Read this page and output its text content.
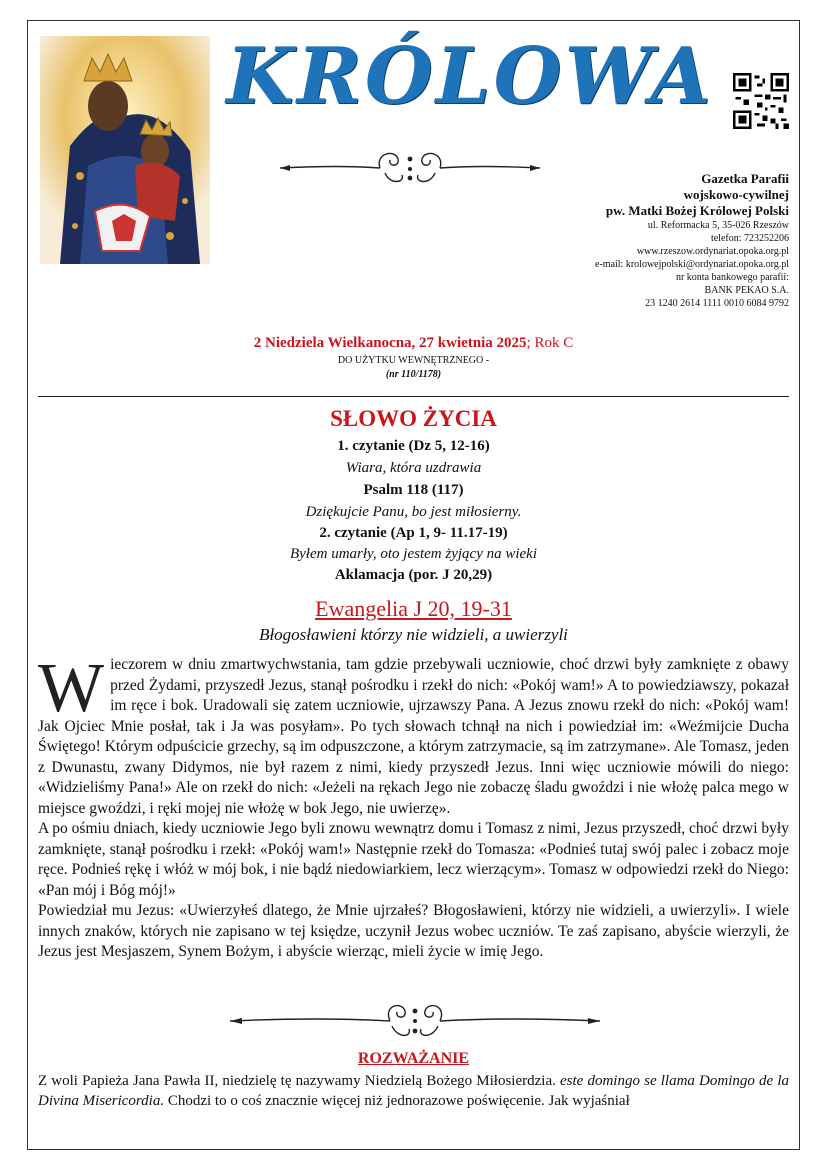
KRÓLOWA
Gazetka Parafii
wojskowo-cywilnej
pw. Matki Bożej Królowej Polski
ul. Reformacka 5, 35-026 Rzeszów
telefon: 723252206
www.rzeszow.ordynariat.opoka.org.pl
e-mail: krolowejpolski@ordynariat.opoka.org.pl
nr konta bankowego parafii:
BANK PEKAO S.A.
23 1240 2614 1111 0010 6084 9792
2 Niedziela Wielkanocna, 27 kwietnia 2025; Rok C
DO UŻYTKU WEWNĘTRZNEGO -
(nr 110/1178)
SŁOWO ŻYCIA
1. czytanie (Dz 5, 12-16)
Wiara, która uzdrawia
Psalm 118 (117)
Dziękujcie Panu, bo jest miłosierny.
2. czytanie (Ap 1, 9- 11.17-19)
Byłem umarły, oto jestem żyjący na wieki
Aklamacja (por. J 20,29)
Ewangelia J 20, 19-31
Błogosławieni którzy nie widzieli, a uwierzyli

Wieczorem w dniu zmartwychwstania, tam gdzie przebywali uczniowie, choć drzwi były zamknięte z obawy przed Żydami, przyszedł Jezus, stanął pośrodku i rzekł do nich: «Pokój wam!» A to powiedziawszy, pokazał im ręce i bok. Uradowali się zatem uczniowie, ujrzawszy Pana. A Jezus znowu rzekł do nich: «Pokój wam! Jak Ojciec Mnie posłał, tak i Ja was posyłam». Po tych słowach tchnął na nich i powiedział im: «Weźmijcie Ducha Świętego! Którym odpuścicie grzechy, są im odpuszczone, a którym zatrzymacie, są im zatrzymane». Ale Tomasz, jeden z Dwunastu, zwany Didymos, nie był razem z nimi, kiedy przyszedł Jezus. Inni więc uczniowie mówili do niego: «Widzieliśmy Pana!» Ale on rzekł do nich: «Jeżeli na rękach Jego nie zobaczę śladu gwoździ i nie włożę palca mego w miejsce gwoździ, i ręki mojej nie włożę w bok Jego, nie uwierzę».

A po ośmiu dniach, kiedy uczniowie Jego byli znowu wewnątrz domu i Tomasz z nimi, Jezus przyszedł, choć drzwi były zamknięte, stanął pośrodku i rzekł: «Pokój wam!» Następnie rzekł do Tomasza: «Podnieś tutaj swój palec i zobacz moje ręce. Podnieś rękę i włóż w mój bok, i nie bądź niedowiarkiem, lecz wierzącym». Tomasz w odpowiedzi rzekł do Niego: «Pan mój i Bóg mój!»

Powiedział mu Jezus: «Uwierzyłeś dlatego, że Mnie ujrzałeś? Błogosławieni, którzy nie widzieli, a uwierzyli». I wiele innych znaków, których nie zapisano w tej księdze, uczynił Jezus wobec uczniów. Te zaś zapisano, abyście wierzyli, że Jezus jest Mesjaszem, Synem Bożym, i abyście wierząc, mieli życie w imię Jego.

ROZWAŻANIE
Z woli Papieża Jana Pawła II, niedzielę tę nazywamy Niedzielą Bożego Miłosierdzia. este domingo se llama Domingo de la Divina Misericordia. Chodzi to o coś znacznie więcej niż jednorazowe poświęcenie. Jak wyjaśniał
